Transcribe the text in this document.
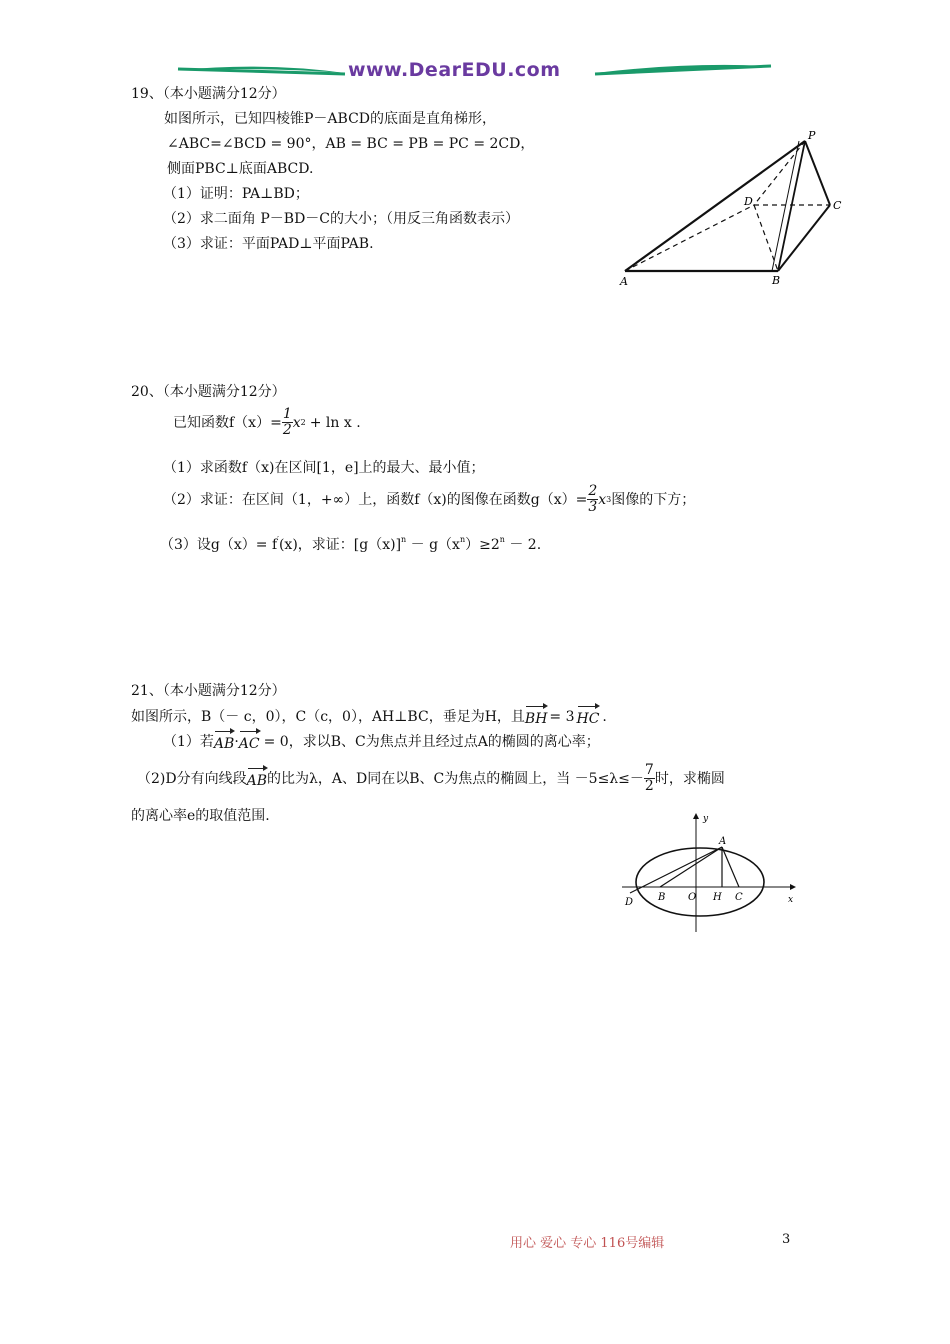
www.DearEDU.com
19、（本小题满分12分）
如图所示，已知四棱锥P－ABCD的底面是直角梯形，
∠ABC=∠BCD = 90°，AB = BC = PB = PC = 2CD，
侧面PBC⊥底面ABCD.
（1）证明：PA⊥BD；
（2）求二面角 P－BD－C的大小；（用反三角函数表示）
（3）求证：平面PAD⊥平面PAB.
P
D	C
A	B
20、（本小题满分12分）
已知函数$f(x)= \frac{1}{2}$ x 2 + ln x .
（1）求函数f（x)在区间[1，e]上的最大、最小值；
（2）求证：在区间（1，+∞）上，函数f（x)的图像在函数$g(x)= \frac{2}{3}$ x 3 图像的下方；
（3）设g（x）= f′(x)，求证：$[g(x)]^n - g(x^n)\ge 2^n - 2$.
21、（本小题满分12分）
如图所示，B（－ c，0），C（c，0），AH⊥BC，垂足为H，且 BH = 3 HC .
（1）若 AB · AC = 0，求以B、C为焦点并且经过点A的椭圆的离心率；
（2)D分有向线段 AB 的比为λ，A、D同在以B、C为焦点的椭圆上，当 $-5\le\lambda\le- \frac{7}{2}$ 时，求椭圆
的离心率e的取值范围.	y
x
A
B O H C
D
用心 爱心 专心 116号编辑	3
